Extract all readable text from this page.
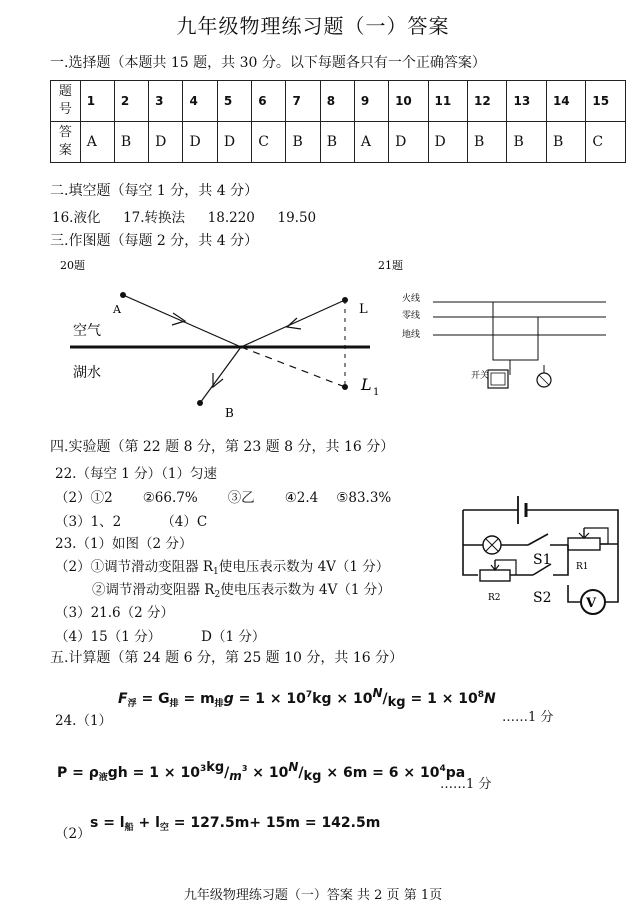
九年级物理练习题（一）答案
一.选择题（本题共 15 题，共 30 分。以下每题各只有一个正确答案）
题号	1	2	3	4	5	6	7	8	9	10	11	12	13	14	15
答案	A	B	D	D	D	C	B	B	A	D	D	B	B	B	C
二.填空题（每空 1 分，共 4 分）
16.液化 17.转换法 18.220 19.50
三.作图题（每题 2 分，共 4 分）
20题
空气
湖水
A
B
L
L 1
21题
火线
零线
地线
开关
四.实验题（第 22 题 8 分，第 23 题 8 分，共 16 分）
22.（每空 1 分）（1）匀速
（2）①2 ②66.7% ③乙 ④2.4 ⑤83.3%
（3）1、2	（4）C
23.（1）如图（2 分）
（2）①调节滑动变阻器 $R_1$使电压表示数为 4V（1 分）
②调节滑动变阻器 $R_2$使电压表示数为 4V（1 分）
（3）21.6（2 分）
（4）15（1 分）	D（1 分）
S1	R1
R2 S2	V
五.计算题（第 24 题 6 分，第 25 题 10 分，共 16 分）
$F_浮 = G_排 = m_排g = 1 \times 10^7kg \times 10N/kg = 1 \times 10^8N$
24.（1）	……1 分
$P = \rho_液gh = 1 \times 10^3kg/m^3 \times 10N/kg \times 6m = 6 \times 10^4pa$
……1 分
（2）
$s = l_船 + l_空 = 127.5m+ 15m = 142.5m$
九年级物理练习题（一）答案 共 2 页 第 1页
